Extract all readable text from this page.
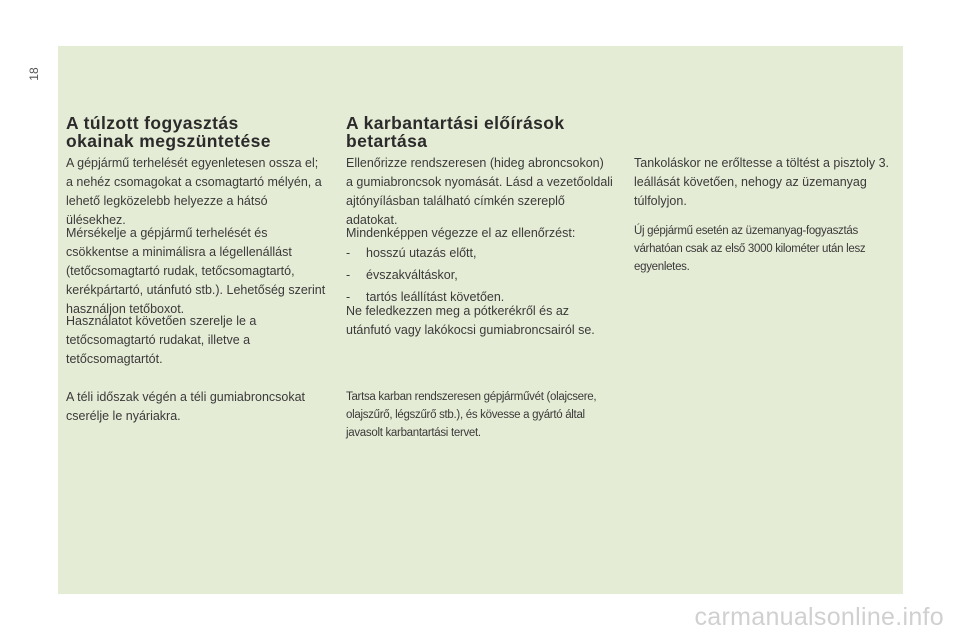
18
A túlzott fogyasztás
okainak megszüntetése

A gépjármű terhelését egyenletesen ossza el; a nehéz csomagokat a csomagtartó mélyén, a lehető legközelebb helyezze a hátsó ülésekhez.

Mérsékelje a gépjármű terhelését és csökkentse a minimálisra a légellenállást (tetőcsomagtartó rudak, tetőcsomagtartó, kerékpártartó, utánfutó stb.). Lehetőség szerint használjon tetőboxot.

Használatot követően szerelje le a tetőcsomagtartó rudakat, illetve a tetőcsomagtartót.

A téli időszak végén a téli gumiabroncsokat cserélje le nyáriakra.

A karbantartási előírások
betartása

Ellenőrizze rendszeresen (hideg abroncsokon) a gumiabroncsok nyomását. Lásd a vezetőoldali ajtónyílásban található címkén szereplő adatokat.

Mindenképpen végezze el az ellenőrzést:

-	hosszú utazás előtt,

-	évszakváltáskor,

-	tartós leállítást követően.

Ne feledkezzen meg a pótkerékről és az utánfutó vagy lakókocsi gumiabroncsairól se.

Tartsa karban rendszeresen gépjárművét (olajcsere, olajszűrő, légszűrő stb.), és kövesse a gyártó által javasolt karbantartási tervet.

Tankoláskor ne erőltesse a töltést a pisztoly 3. leállását követően, nehogy az üzemanyag túlfolyjon.

Új gépjármű esetén az üzemanyag-fogyasztás várhatóan csak az első 3000 kilométer után lesz egyenletes.

carmanualsonline.info
